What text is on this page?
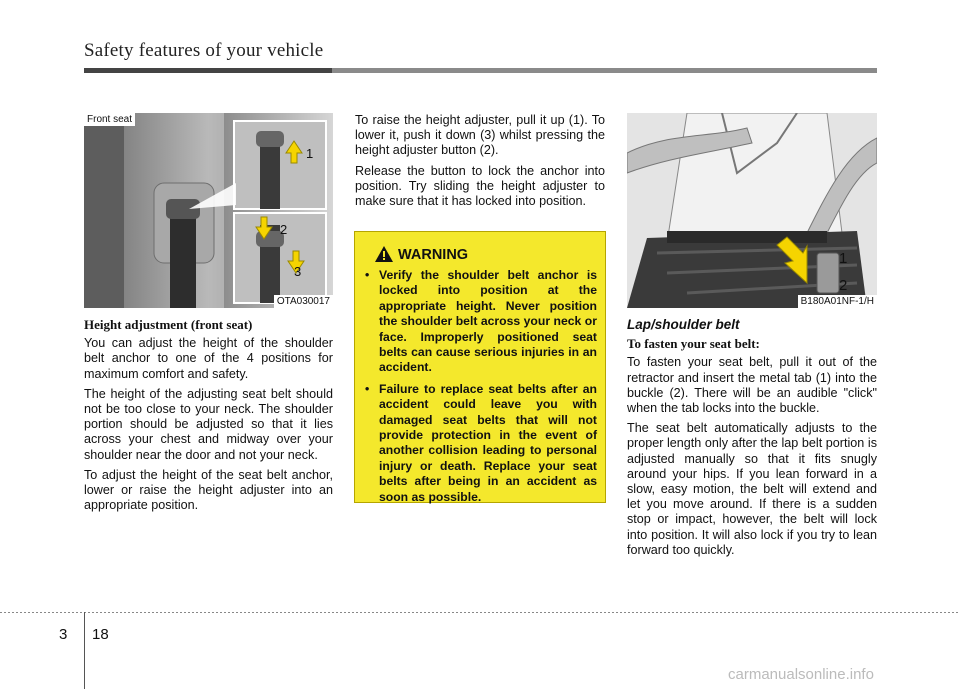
Safety features of your vehicle
1
2
3
Front seat
OTA030017
Height adjustment (front seat)

You can adjust the height of the shoulder belt anchor to one of the 4 positions for maximum comfort and safety.

The height of the adjusting seat belt should not be too close to your neck. The shoulder portion should be adjusted so that it lies across your chest and midway over your shoulder near the door and not your neck.

To adjust the height of the seat belt anchor, lower or raise the height adjuster into an appropriate position.

To raise the height adjuster, pull it up (1). To lower it, push it down (3) whilst pressing the height adjuster button (2).

Release the button to lock the anchor into position. Try sliding the height adjuster to make sure that it has locked into position.

WARNING
• Verify the shoulder belt anchor is locked into position at the appropriate height. Never position the shoulder belt across your neck or face. Improperly positioned seat belts can cause serious injuries in an accident.
• Failure to replace seat belts after an accident could leave you with damaged seat belts that will not provide protection in the event of another collision leading to personal injury or death. Replace your seat belts after being in an accident as soon as possible.
1
2
B180A01NF-1/H
Lap/shoulder belt
To fasten your seat belt:

To fasten your seat belt, pull it out of the retractor and insert the metal tab (1) into the buckle (2). There will be an audible "click" when the tab locks into the buckle.

The seat belt automatically adjusts to the proper length only after the lap belt portion is adjusted manually so that it fits snugly around your hips. If you lean forward in a slow, easy motion, the belt will extend and let you move around. If there is a sudden stop or impact, however, the belt will lock into position. It will also lock if you try to lean forward too quickly.

3 18
carmanualsonline.info
